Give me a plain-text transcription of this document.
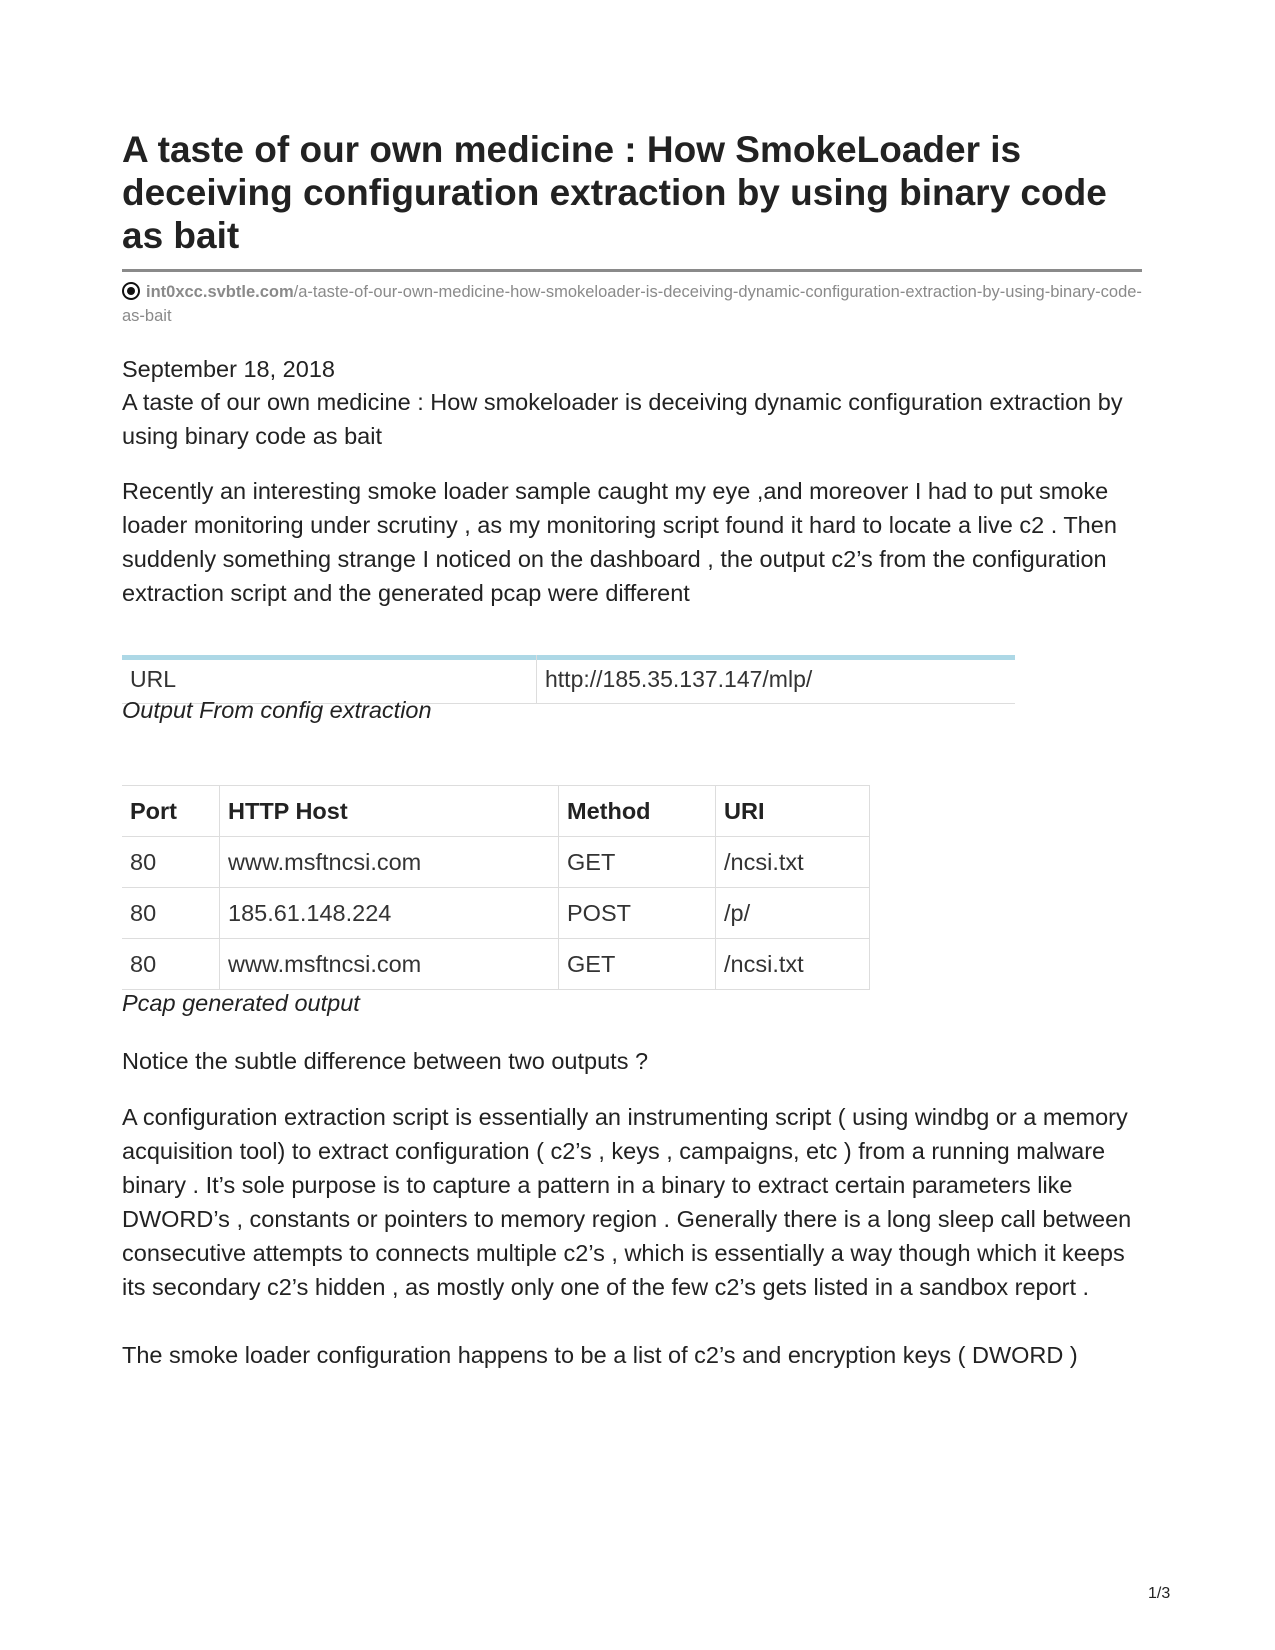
A taste of our own medicine : How SmokeLoader is deceiving configuration extraction by using binary code as bait
int0xcc.svbtle.com/a-taste-of-our-own-medicine-how-smokeloader-is-deceiving-dynamic-configuration-extraction-by-using-binary-code-as-bait
September 18, 2018
A taste of our own medicine : How smokeloader is deceiving dynamic configuration extraction by using binary code as bait

Recently an interesting smoke loader sample caught my eye ,and moreover I had to put smoke loader monitoring under scrutiny , as my monitoring script found it hard to locate a live c2 . Then suddenly something strange I noticed on the dashboard , the output c2’s from the configuration extraction script and the generated pcap were different

URL	http://185.35.137.147/mlp/
Output From config extraction
Port	HTTP Host	Method	URI
80	www.msftncsi.com	GET	/ncsi.txt
80	185.61.148.224	POST	/p/
80	www.msftncsi.com	GET	/ncsi.txt
Pcap generated output

Notice the subtle difference between two outputs ?

A configuration extraction script is essentially an instrumenting script ( using windbg or a memory acquisition tool) to extract configuration ( c2’s , keys , campaigns, etc ) from a running malware binary . It’s sole purpose is to capture a pattern in a binary to extract certain parameters like DWORD’s , constants or pointers to memory region . Generally there is a long sleep call between consecutive attempts to connects multiple c2’s , which is essentially a way though which it keeps its secondary c2’s hidden , as mostly only one of the few c2’s gets listed in a sandbox report .

The smoke loader configuration happens to be a list of c2’s and encryption keys ( DWORD )

1/3
